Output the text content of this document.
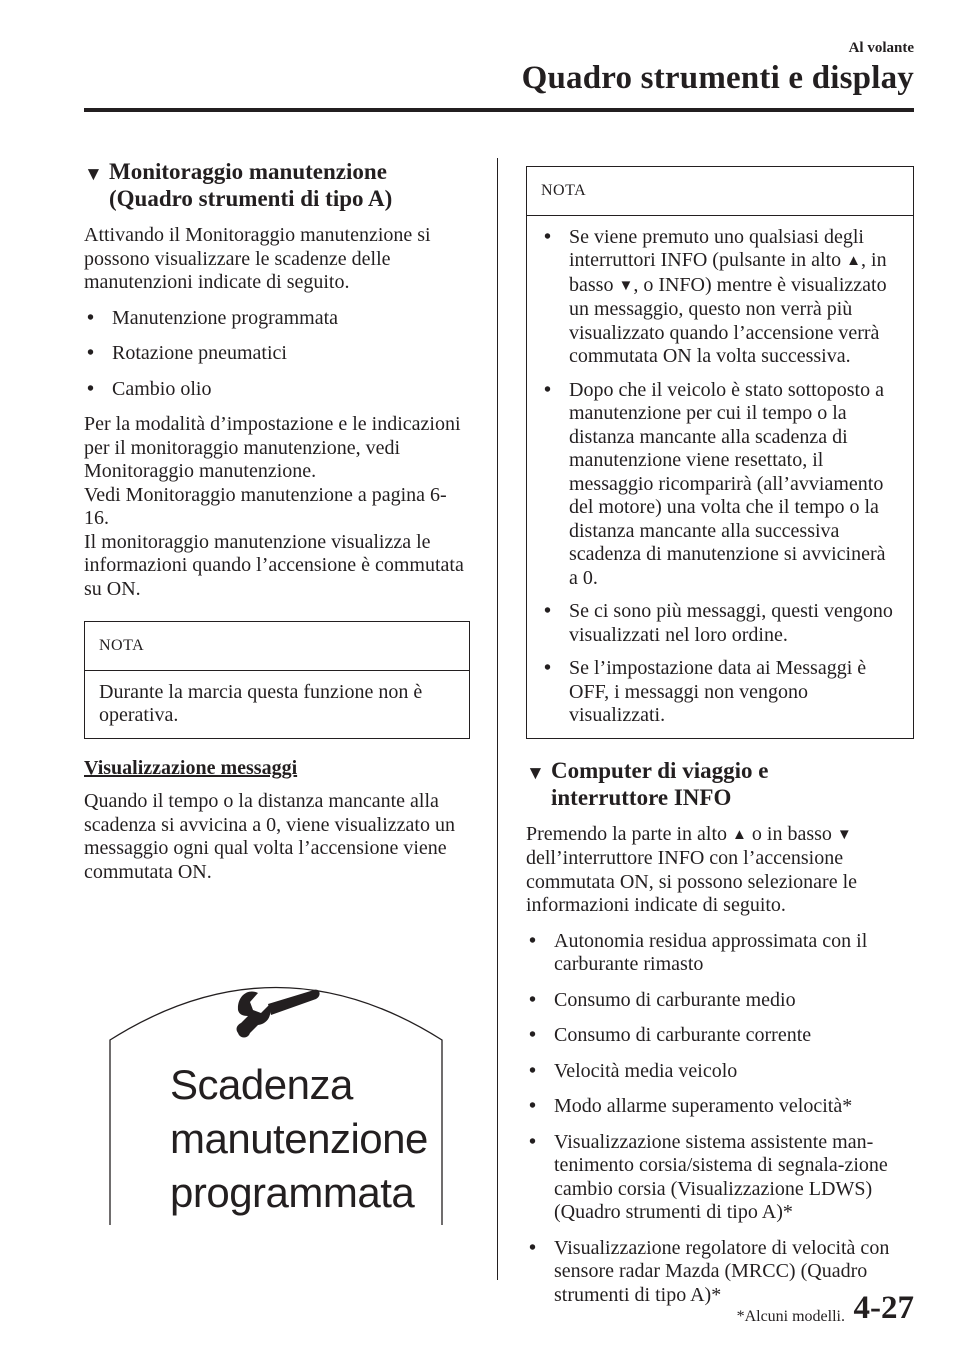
Al volante
Quadro strumenti e display
▼ Monitoraggio manutenzione
(Quadro strumenti di tipo A)

Attivando il Monitoraggio manutenzione si possono visualizzare le scadenze delle manutenzioni indicate di seguito.

• Manutenzione programmata
• Rotazione pneumatici
• Cambio olio

Per la modalità d’impostazione e le indicazioni per il monitoraggio manutenzione, vedi Monitoraggio manutenzione.

Vedi Monitoraggio manutenzione a pagina 6-16.

Il monitoraggio manutenzione visualizza le informazioni quando l’accensione è commutata su ON.

NOTA
Durante la marcia questa funzione non è operativa.
Visualizzazione messaggi

Quando il tempo o la distanza mancante alla scadenza si avvicina a 0, viene visualizzato un messaggio ogni qual volta l’accensione viene commutata ON.

Scadenza
manutenzione
programmata
NOTA
• Se viene premuto uno qualsiasi degli interruttori INFO (pulsante in alto ▲, in basso ▼, o INFO) mentre è visualizzato un messaggio, questo non verrà più visualizzato quando l’accensione verrà commutata ON la volta successiva.
• Dopo che il veicolo è stato sottoposto a manutenzione per cui il tempo o la distanza mancante alla scadenza di manutenzione viene resettato, il messaggio ricomparirà (all’avviamento del motore) una volta che il tempo o la distanza mancante alla successiva scadenza di manutenzione si avvicinerà a 0.
• Se ci sono più messaggi, questi vengono visualizzati nel loro ordine.
• Se l’impostazione data ai Messaggi è OFF, i messaggi non vengono visualizzati.
▼ Computer di viaggio e
interruttore INFO

Premendo la parte in alto ▲ o in basso ▼ dell’interruttore INFO con l’accensione commutata ON, si possono selezionare le informazioni indicate di seguito.

• Autonomia residua approssimata con il carburante rimasto
• Consumo di carburante medio
• Consumo di carburante corrente
• Velocità media veicolo
• Modo allarme superamento velocità*
• Visualizzazione sistema assistente man-tenimento corsia/sistema di segnala-zione cambio corsia (Visualizzazione LDWS) (Quadro strumenti di tipo A)*
• Visualizzazione regolatore di velocità con sensore radar Mazda (MRCC) (Quadro strumenti di tipo A)*
*Alcuni modelli. 4-27
